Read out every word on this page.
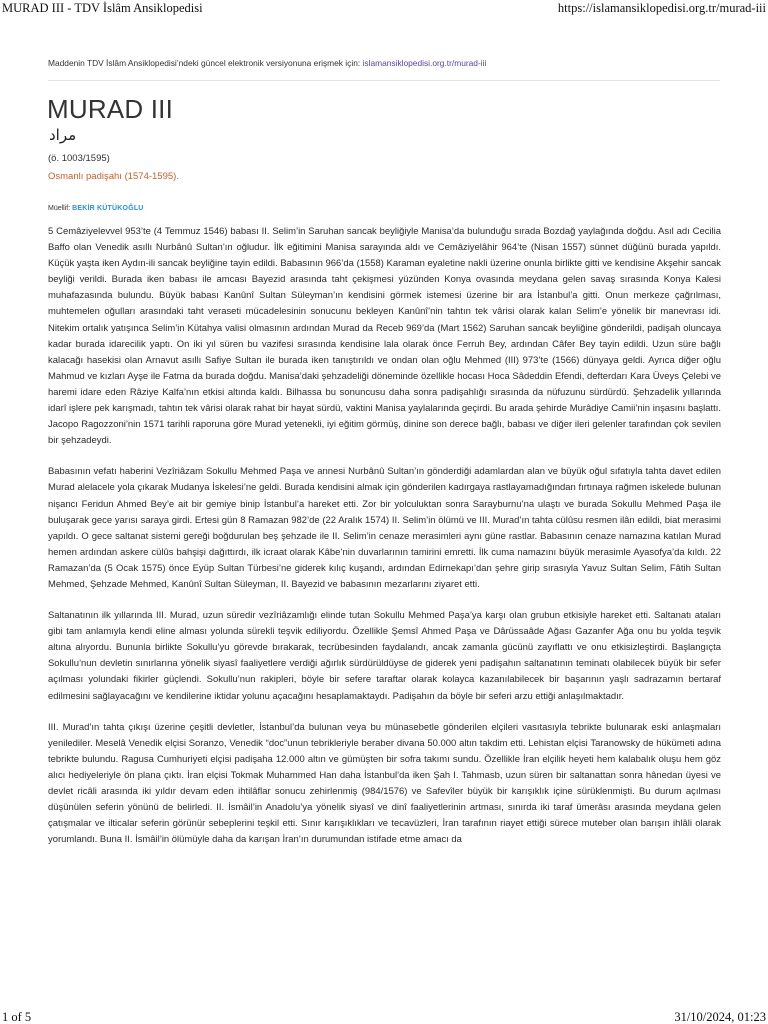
MURAD III - TDV İslâm Ansiklopedisi	https://islamansiklopedisi.org.tr/murad-iii
Maddenin TDV İslâm Ansiklopedisi’ndeki güncel elektronik versiyonuna erişmek için: islamansiklopedisi.org.tr/murad-iii
MURAD III
مراد
(ö. 1003/1595)
Osmanlı padişahı (1574-1595).
Müellif: BEKİR KÜTÜKOĞLU

5 Cemâziyelevvel 953’te (4 Temmuz 1546) babası II. Selim’in Saruhan sancak beyliğiyle Manisa’da bulunduğu sırada Bozdağ yaylağında doğdu. Asıl adı Cecilia Baffo olan Venedik asıllı Nurbânû Sultan’ın oğludur. İlk eğitimini Manisa sarayında aldı ve Cemâziyelâhir 964’te (Nisan 1557) sünnet düğünü burada yapıldı. Küçük yaşta iken Aydın-ili sancak beyliğine tayin edildi. Babasının 966’da (1558) Karaman eyaletine nakli üzerine onunla birlikte gitti ve kendisine Akşehir sancak beyliği verildi. Burada iken babası ile amcası Bayezid arasında taht çekişmesi yüzünden Konya ovasında meydana gelen savaş sırasında Konya Kalesi muhafazasında bulundu. Büyük babası Kanûnî Sultan Süleyman’ın kendisini görmek istemesi üzerine bir ara İstanbul’a gitti. Onun merkeze çağrılması, muhtemelen oğulları arasındaki taht veraseti mücadelesinin sonucunu bekleyen Kanûnî’nin tahtın tek vârisi olarak kalan Selim’e yönelik bir manevrası idi. Nitekim ortalık yatışınca Selim’in Kütahya valisi olmasının ardından Murad da Receb 969’da (Mart 1562) Saruhan sancak beyliğine gönderildi, padişah oluncaya kadar burada idarecilik yaptı. On iki yıl süren bu vazifesi sırasında kendisine lala olarak önce Ferruh Bey, ardından Câfer Bey tayin edildi. Uzun süre bağlı kalacağı hasekisi olan Arnavut asıllı Safiye Sultan ile burada iken tanıştırıldı ve ondan olan oğlu Mehmed (III) 973’te (1566) dünyaya geldi. Ayrıca diğer oğlu Mahmud ve kızları Ayşe ile Fatma da burada doğdu. Manisa’daki şehzadeliği döneminde özellikle hocası Hoca Sâdeddin Efendi, defterdarı Kara Üveys Çelebi ve haremi idare eden Râziye Kalfa’nın etkisi altında kaldı. Bilhassa bu sonuncusu daha sonra padişahlığı sırasında da nüfuzunu sürdürdü. Şehzadelik yıllarında idarî işlere pek karışmadı, tahtın tek vârisi olarak rahat bir hayat sürdü, vaktini Manisa yaylalarında geçirdi. Bu arada şehirde Murâdiye Camii’nin inşasını başlattı. Jacopo Ragozzoni’nin 1571 tarihli raporuna göre Murad yetenekli, iyi eğitim görmüş, dinine son derece bağlı, babası ve diğer ileri gelenler tarafından çok sevilen bir şehzadeydi.

Babasının vefatı haberini Vezîriâzam Sokullu Mehmed Paşa ve annesi Nurbânû Sultan’ın gönderdiği adamlardan alan ve büyük oğul sıfatıyla tahta davet edilen Murad alelacele yola çıkarak Mudanya İskelesi’ne geldi. Burada kendisini almak için gönderilen kadırgaya rastlayamadığından fırtınaya rağmen iskelede bulunan nişancı Feridun Ahmed Bey’e ait bir gemiye binip İstanbul’a hareket etti. Zor bir yolculuktan sonra Sarayburnu’na ulaştı ve burada Sokullu Mehmed Paşa ile buluşarak gece yarısı saraya girdi. Ertesi gün 8 Ramazan 982’de (22 Aralık 1574) II. Selim’in ölümü ve III. Murad’ın tahta cülûsu resmen ilân edildi, biat merasimi yapıldı. O gece saltanat sistemi gereği boğdurulan beş şehzade ile II. Selim’in cenaze merasimleri aynı güne rastlar. Babasının cenaze namazına katılan Murad hemen ardından askere cülûs bahşişi dağıttırdı, ilk icraat olarak Kâbe’nin duvarlarının tamirini emretti. İlk cuma namazını büyük merasimle Ayasofya’da kıldı. 22 Ramazan’da (5 Ocak 1575) önce Eyüp Sultan Türbesi’ne giderek kılıç kuşandı, ardından Edirnekapı’dan şehre girip sırasıyla Yavuz Sultan Selim, Fâtih Sultan Mehmed, Şehzade Mehmed, Kanûnî Sultan Süleyman, II. Bayezid ve babasının mezarlarını ziyaret etti.

Saltanatının ilk yıllarında III. Murad, uzun süredir vezîriâzamlığı elinde tutan Sokullu Mehmed Paşa’ya karşı olan grubun etkisiyle hareket etti. Saltanatı ataları gibi tam anlamıyla kendi eline alması yolunda sürekli teşvik ediliyordu. Özellikle Şemsî Ahmed Paşa ve Dârüssaâde Ağası Gazanfer Ağa onu bu yolda teşvik altına alıyordu. Bununla birlikte Sokullu’yu görevde bırakarak, tecrübesinden faydalandı, ancak zamanla gücünü zayıflattı ve onu etkisizleştirdi. Başlangıçta Sokullu’nun devletin sınırlarına yönelik siyasî faaliyetlere verdiği ağırlık sürdürüldüyse de giderek yeni padişahın saltanatının teminatı olabilecek büyük bir sefer açılması yolundaki fikirler güçlendi. Sokullu’nun rakipleri, böyle bir sefere taraftar olarak kolayca kazanılabilecek bir başarının yaşlı sadrazamın bertaraf edilmesini sağlayacağını ve kendilerine iktidar yolunu açacağını hesaplamaktaydı. Padişahın da böyle bir seferi arzu ettiği anlaşılmaktadır.

III. Murad’ın tahta çıkışı üzerine çeşitli devletler, İstanbul’da bulunan veya bu münasebetle gönderilen elçileri vasıtasıyla tebrikte bulunarak eski anlaşmaları yenilediler. Meselâ Venedik elçisi Soranzo, Venedik “doc”unun tebrikleriyle beraber divana 50.000 altın takdim etti. Lehistan elçisi Taranowsky de hükümeti adına tebrikte bulundu. Ragusa Cumhuriyeti elçisi padişaha 12.000 altın ve gümüşten bir sofra takımı sundu. Özellikle İran elçilik heyeti hem kalabalık oluşu hem göz alıcı hediyeleriyle ön plana çıktı. İran elçisi Tokmak Muhammed Han daha İstanbul’da iken Şah I. Tahmasb, uzun süren bir saltanattan sonra hânedan üyesi ve devlet ricâli arasında iki yıldır devam eden ihtilâflar sonucu zehirlenmiş (984/1576) ve Safevîler büyük bir karışıklık içine sürüklenmişti. Bu durum açılması düşünülen seferin yönünü de belirledi. II. İsmâil’in Anadolu’ya yönelik siyasî ve dinî faaliyetlerinin artması, sınırda iki taraf ümerâsı arasında meydana gelen çatışmalar ve ilticalar seferin görünür sebeplerini teşkil etti. Sınır karışıklıkları ve tecavüzleri, İran tarafının riayet ettiği sürece muteber olan barışın ihlâli olarak yorumlandı. Buna II. İsmâil’in ölümüyle daha da karışan İran’ın durumundan istifade etme amacı da

1 of 5	31/10/2024, 01:23
